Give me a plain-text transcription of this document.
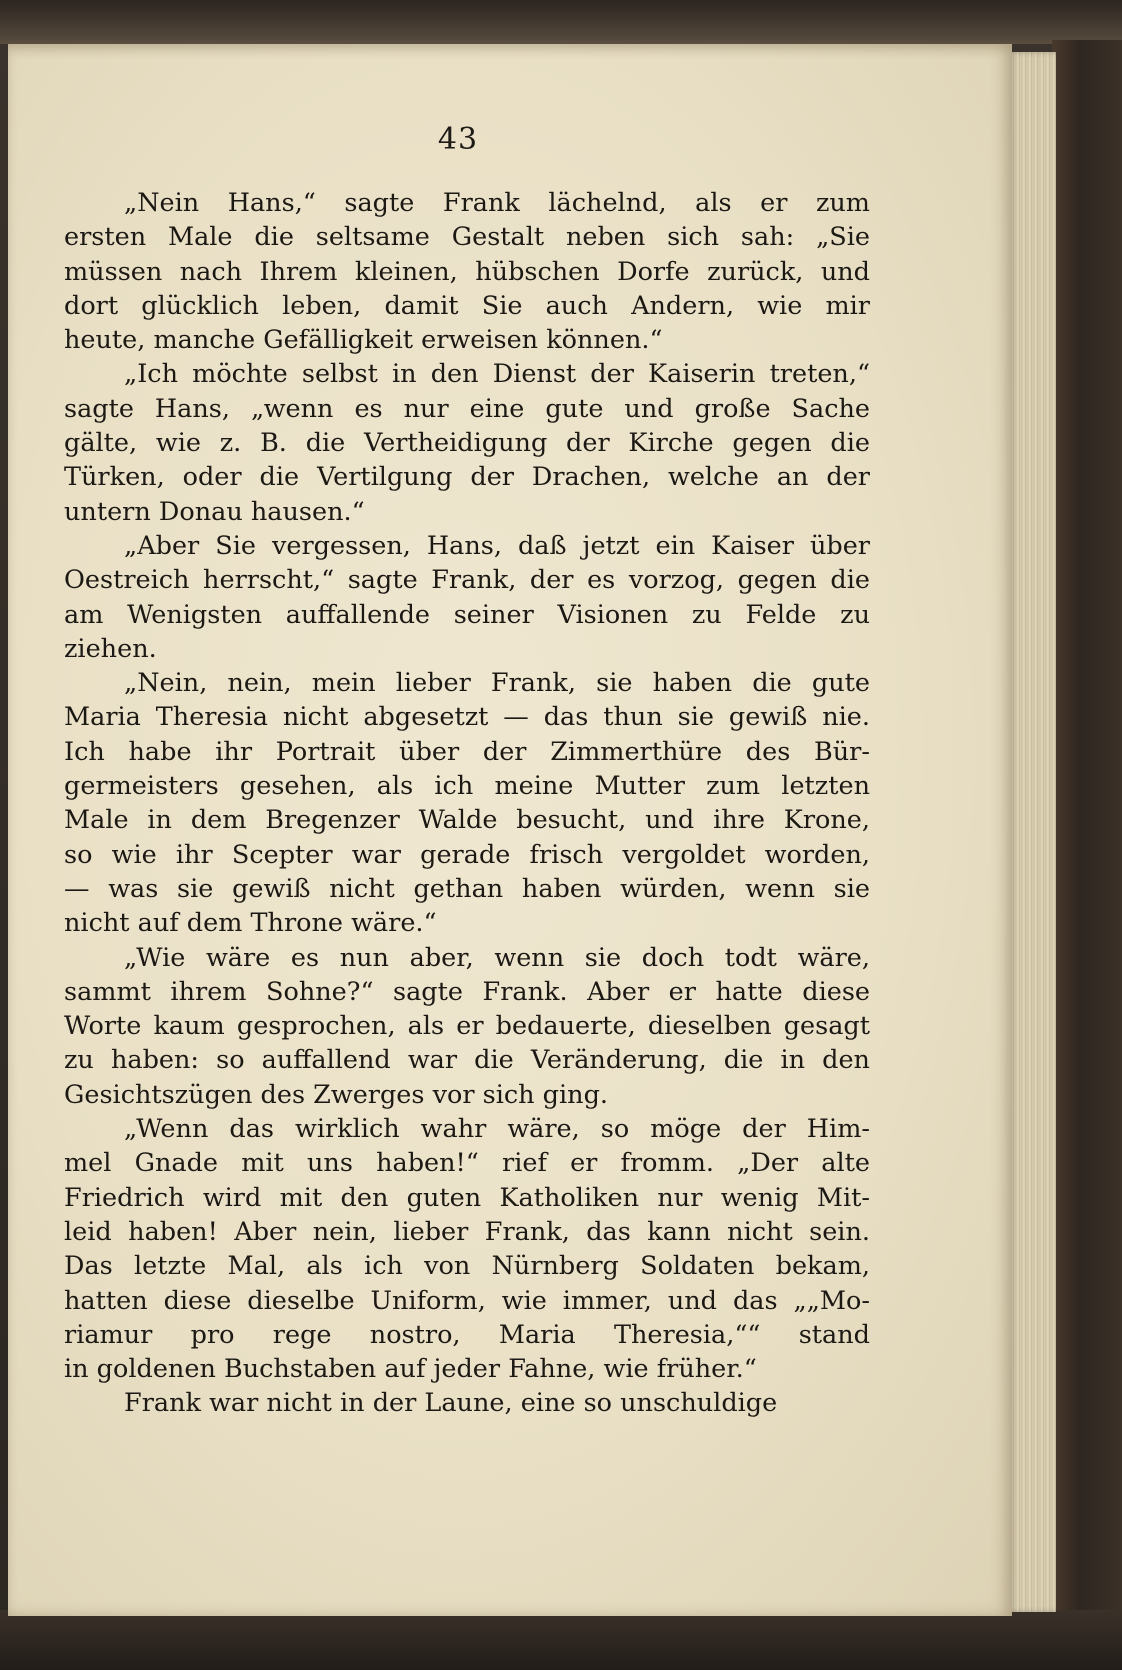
43
„Nein Hans,“ sagte Frank lächelnd, als er zum
ersten Male die seltsame Gestalt neben sich sah: „Sie
müssen nach Ihrem kleinen, hübschen Dorfe zurück, und
dort glücklich leben, damit Sie auch Andern, wie mir
heute, manche Gefälligkeit erweisen können.“
„Ich möchte selbst in den Dienst der Kaiserin treten,“
sagte Hans, „wenn es nur eine gute und große Sache
gälte, wie z. B. die Vertheidigung der Kirche gegen die
Türken, oder die Vertilgung der Drachen, welche an der
untern Donau hausen.“
„Aber Sie vergessen, Hans, daß jetzt ein Kaiser über
Oestreich herrscht,“ sagte Frank, der es vorzog, gegen die
am Wenigsten auffallende seiner Visionen zu Felde zu
ziehen.
„Nein, nein, mein lieber Frank, sie haben die gute
Maria Theresia nicht abgesetzt — das thun sie gewiß nie.
Ich habe ihr Portrait über der Zimmerthüre des Bür-
germeisters gesehen, als ich meine Mutter zum letzten
Male in dem Bregenzer Walde besucht, und ihre Krone,
so wie ihr Scepter war gerade frisch vergoldet worden,
— was sie gewiß nicht gethan haben würden, wenn sie
nicht auf dem Throne wäre.“
„Wie wäre es nun aber, wenn sie doch todt wäre,
sammt ihrem Sohne?“ sagte Frank. Aber er hatte diese
Worte kaum gesprochen, als er bedauerte, dieselben gesagt
zu haben: so auffallend war die Veränderung, die in den
Gesichtszügen des Zwerges vor sich ging.
„Wenn das wirklich wahr wäre, so möge der Him-
mel Gnade mit uns haben!“ rief er fromm. „Der alte
Friedrich wird mit den guten Katholiken nur wenig Mit-
leid haben! Aber nein, lieber Frank, das kann nicht sein.
Das letzte Mal, als ich von Nürnberg Soldaten bekam,
hatten diese dieselbe Uniform, wie immer, und das „„Mo-
riamur pro rege nostro, Maria Theresia,““ stand
in goldenen Buchstaben auf jeder Fahne, wie früher.“
Frank war nicht in der Laune, eine so unschuldige
